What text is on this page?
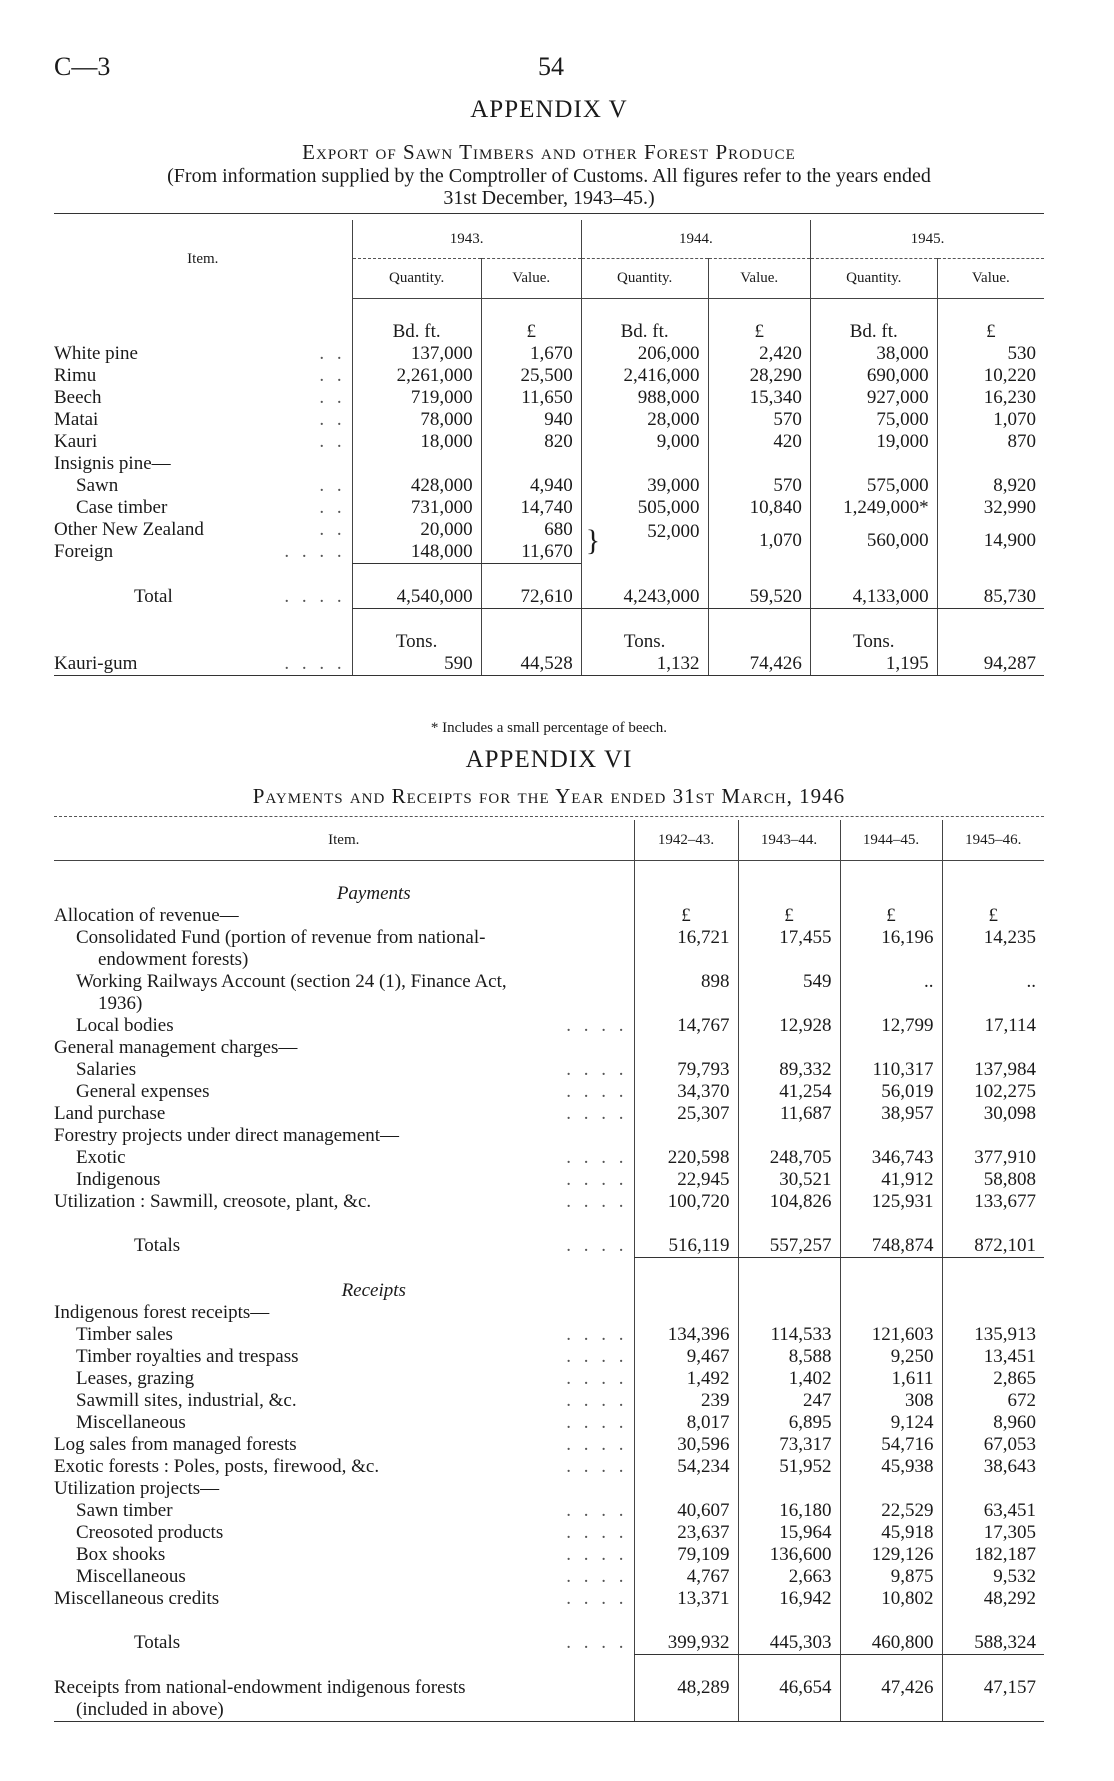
C—3	54
APPENDIX V
Export of Sawn Timbers and other Forest Produce
(From information supplied by the Comptroller of Customs. All figures refer to the years ended
31st December, 1943–45.)
Item.	1943.		1944.		1945.	
	Quantity.	Value.	Quantity.	Value.	Quantity.	Value.

	Bd. ft.	£	Bd. ft.	£	Bd. ft.	£
White pine . .	137,000	1,670	206,000	2,420	38,000	530
Rimu . .	2,261,000	25,500	2,416,000	28,290	690,000	10,220
Beech . .	719,000	11,650	988,000	15,340	927,000	16,230
Matai . .	78,000	940	28,000	570	75,000	1,070
Kauri . .	18,000	820	9,000	420	19,000	870
Insignis pine—						
Sawn . .	428,000	4,940	39,000	570	575,000	8,920
Case timber . .	731,000	14,740	505,000	10,840	1,249,000*	32,990
Other New Zealand . .	20,000	680	} 52,000	1,070	560,000	14,900
Foreign . . . .	148,000	11,670				

Total . . . .	4,540,000	72,610	4,243,000	59,520	4,133,000	85,730

	Tons.		Tons.		Tons.	
Kauri-gum . . . .	590	44,528	1,132	74,426	1,195	94,287
* Includes a small percentage of beech.
APPENDIX VI
Payments and Receipts for the Year ended 31st March, 1946
Item.	1942–43.	1943–44.	1944–45.	1945–46.

Payments				
Allocation of revenue—	£	£	£	£
Consolidated Fund (portion of revenue from national-	16,721	17,455	16,196	14,235
endowment forests)				
Working Railways Account (section 24 (1), Finance Act,	898	549	..	..
1936)				
Local bodies . . . .	14,767	12,928	12,799	17,114
General management charges—				
Salaries . . . .	79,793	89,332	110,317	137,984
General expenses . . . .	34,370	41,254	56,019	102,275
Land purchase . . . .	25,307	11,687	38,957	30,098
Forestry projects under direct management—				
Exotic . . . .	220,598	248,705	346,743	377,910
Indigenous . . . .	22,945	30,521	41,912	58,808
Utilization : Sawmill, creosote, plant, &c. . . . .	100,720	104,826	125,931	133,677

Totals . . . .	516,119	557,257	748,874	872,101

Receipts				
Indigenous forest receipts—				
Timber sales . . . .	134,396	114,533	121,603	135,913
Timber royalties and trespass . . . .	9,467	8,588	9,250	13,451
Leases, grazing . . . .	1,492	1,402	1,611	2,865
Sawmill sites, industrial, &c. . . . .	239	247	308	672
Miscellaneous . . . .	8,017	6,895	9,124	8,960
Log sales from managed forests . . . .	30,596	73,317	54,716	67,053
Exotic forests : Poles, posts, firewood, &c. . . . .	54,234	51,952	45,938	38,643
Utilization projects—				
Sawn timber . . . .	40,607	16,180	22,529	63,451
Creosoted products . . . .	23,637	15,964	45,918	17,305
Box shooks . . . .	79,109	136,600	129,126	182,187
Miscellaneous . . . .	4,767	2,663	9,875	9,532
Miscellaneous credits . . . .	13,371	16,942	10,802	48,292

Totals . . . .	399,932	445,303	460,800	588,324

Receipts from national-endowment indigenous forests	48,289	46,654	47,426	47,157
(included in above)				
